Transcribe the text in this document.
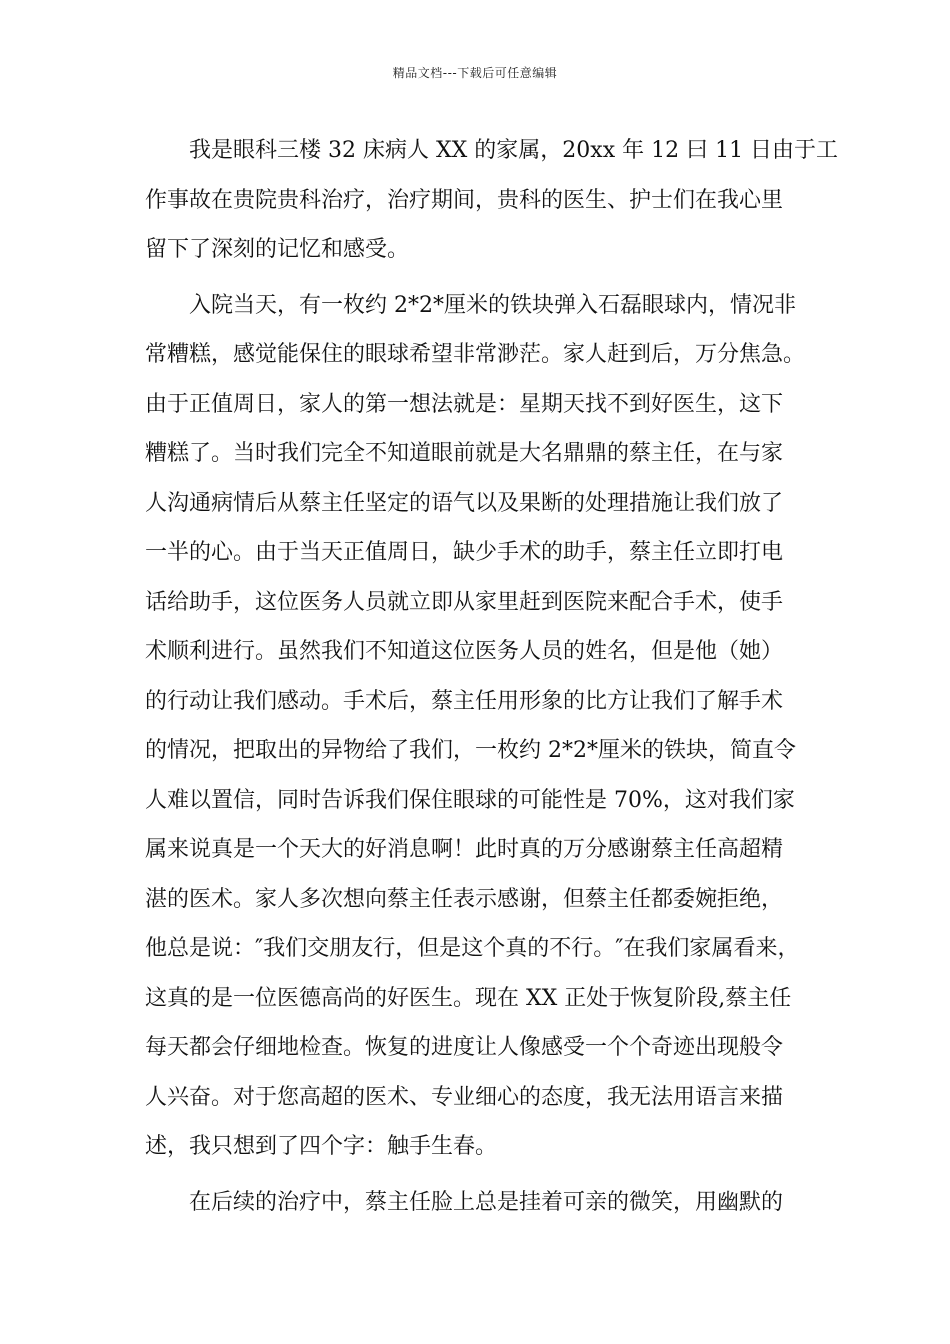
精品文档---下载后可任意编辑
我是眼科三楼 32 床病人 XX 的家属，20xx 年 12 曰 11 日由于工
作事故在贵院贵科治疗，治疗期间，贵科的医生、护士们在我心里
留下了深刻的记忆和感受。
入院当天，有一枚约 2*2*厘米的铁块弹入石磊眼球内，情况非
常糟糕，感觉能保住的眼球希望非常渺茫。家人赶到后，万分焦急。
由于正值周日，家人的第一想法就是：星期天找不到好医生，这下
糟糕了。当时我们完全不知道眼前就是大名鼎鼎的蔡主任，在与家
人沟通病情后从蔡主任坚定的语气以及果断的处理措施让我们放了
一半的心。由于当天正值周日，缺少手术的助手，蔡主任立即打电
话给助手，这位医务人员就立即从家里赶到医院来配合手术，使手
术顺利进行。虽然我们不知道这位医务人员的姓名，但是他（她）
的行动让我们感动。手术后，蔡主任用形象的比方让我们了解手术
的情况，把取出的异物给了我们，一枚约 2*2*厘米的铁块，简直令
人难以置信，同时告诉我们保住眼球的可能性是 70%，这对我们家
属来说真是一个天大的好消息啊！此时真的万分感谢蔡主任高超精
湛的医术。家人多次想向蔡主任表示感谢，但蔡主任都委婉拒绝，
他总是说：″我们交朋友行，但是这个真的不行。″在我们家属看来，
这真的是一位医德高尚的好医生。现在 XX 正处于恢复阶段,蔡主任
每天都会仔细地检查。恢复的进度让人像感受一个个奇迹出现般令
人兴奋。对于您高超的医术、专业细心的态度，我无法用语言来描
述，我只想到了四个字：触手生春。
在后续的治疗中，蔡主任脸上总是挂着可亲的微笑，用幽默的
